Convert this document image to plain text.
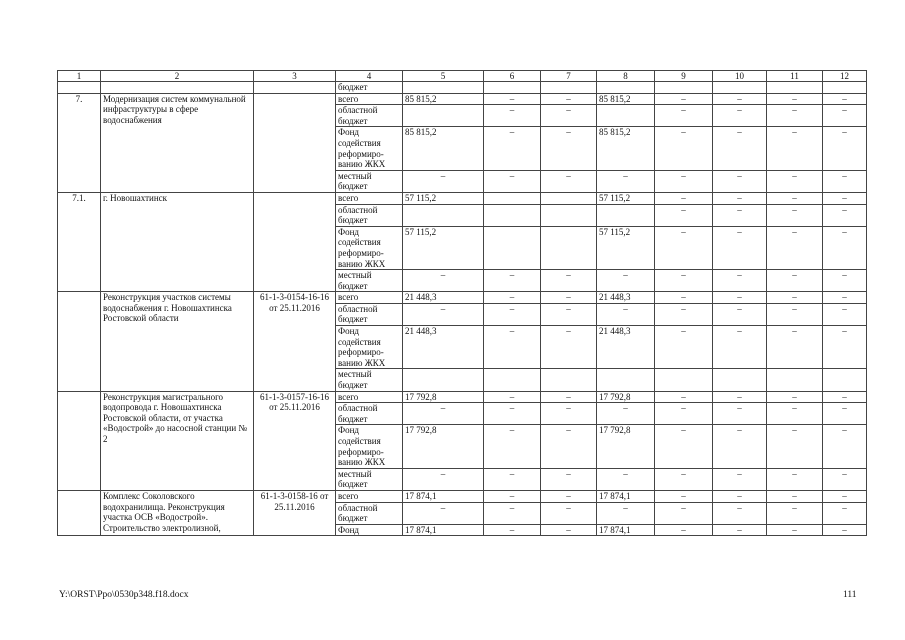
1	2	3	4	5	6	7	8	9	10	11	12
			бюджет								
7.	Модернизация систем коммунальной инфраструктуры в сфере водоснабжения		всего	85 815,2	–	–	85 815,2	–	–	–	–
			областной бюджет		–	–		–	–	–	–
			Фонд содействия реформиро-ванию ЖКХ	85 815,2	–	–	85 815,2	–	–	–	–
			местный бюджет	–	–	–	–	–	–	–	–
7.1.	г. Новошахтинск		всего	57 115,2			57 115,2	–	–	–	–
			областной бюджет					–	–	–	–
			Фонд содействия реформиро-ванию ЖКХ	57 115,2			57 115,2	–	–	–	–
			местный бюджет	–	–	–	–	–	–	–	–
	Реконструкция участков системы водоснабжения г. Новошахтинска Ростовской области	61-1-3-0154-16-16 от 25.11.2016	всего	21 448,3	–	–	21 448,3	–	–	–	–
			областной бюджет	–	–	–	–	–	–	–	–
			Фонд содействия реформиро-ванию ЖКХ	21 448,3	–	–	21 448,3	–	–	–	–
			местный бюджет								
	Реконструкция магистрального водопровода г. Новошахтинска Ростовской области, от участка «Водострой» до насосной станции № 2	61-1-3-0157-16-16 от 25.11.2016	всего	17 792,8	–	–	17 792,8	–	–	–	–
			областной бюджет	–	–	–	–	–	–	–	–
			Фонд содействия реформиро-ванию ЖКХ	17 792,8	–	–	17 792,8	–	–	–	–
			местный бюджет	–	–	–	–	–	–	–	–
	Комплекс Соколовского водохранилища. Реконструкция участка ОСВ «Водострой». Строительство электролизной,	61-1-3-0158-16 от 25.11.2016	всего	17 874,1	–	–	17 874,1	–	–	–	–
			областной бюджет	–	–	–	–	–	–	–	–
			Фонд	17 874,1	–	–	17 874,1	–	–	–	–
Y:\ORST\Ppo\0530p348.f18.docx	111
